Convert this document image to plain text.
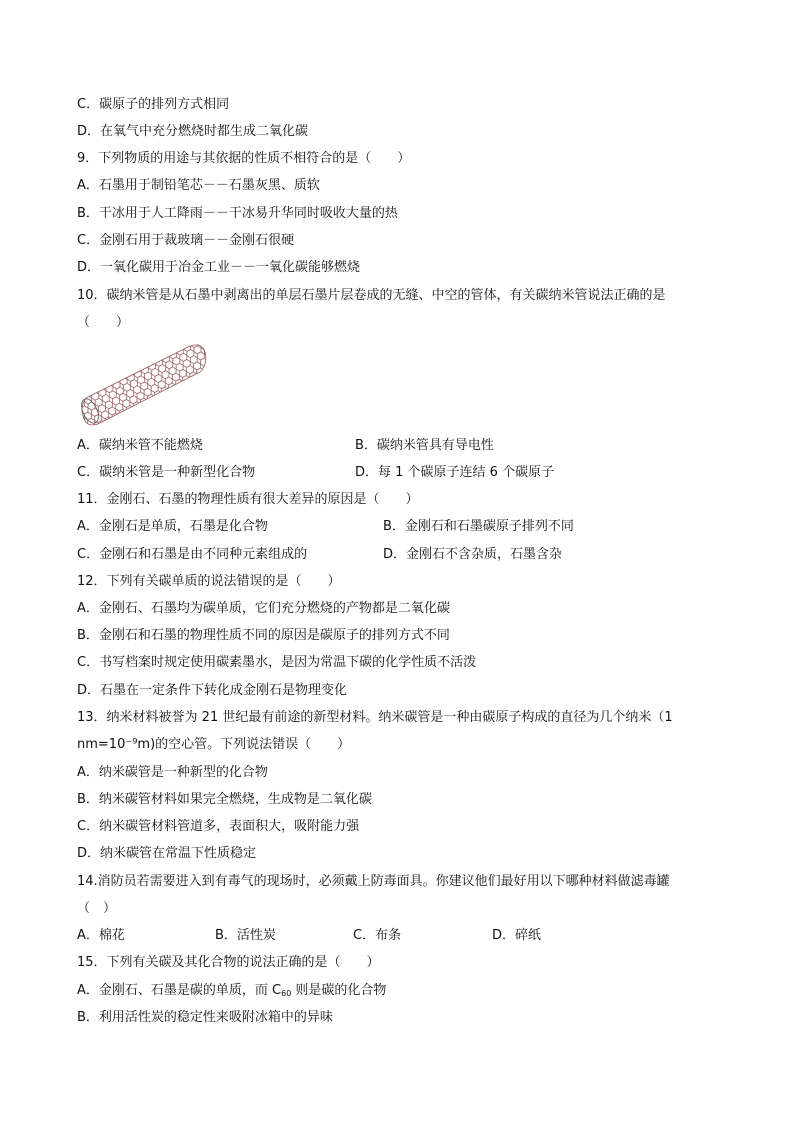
C．碳原子的排列方式相同
D．在氧气中充分燃烧时都生成二氧化碳
9．下列物质的用途与其依据的性质不相符合的是（　　）
A．石墨用于制铅笔芯－－石墨灰黑、质软
B．干冰用于人工降雨－－干冰易升华同时吸收大量的热
C．金刚石用于裁玻璃－－金刚石很硬
D．一氧化碳用于冶金工业－－一氧化碳能够燃烧
10．碳纳米管是从石墨中剥离出的单层石墨片层卷成的无缝、中空的管体，有关碳纳米管说法正确的是
（　　）
A．碳纳米管不能燃烧	B．碳纳米管具有导电性
C．碳纳米管是一种新型化合物	D．每 1 个碳原子连结 6 个碳原子
11．金刚石、石墨的物理性质有很大差异的原因是（　　）
A．金刚石是单质，石墨是化合物	B．金刚石和石墨碳原子排列不同
C．金刚石和石墨是由不同种元素组成的	D．金刚石不含杂质，石墨含杂
12．下列有关碳单质的说法错误的是（　　）
A．金刚石、石墨均为碳单质，它们充分燃烧的产物都是二氧化碳
B．金刚石和石墨的物理性质不同的原因是碳原子的排列方式不同
C．书写档案时规定使用碳素墨水，是因为常温下碳的化学性质不活泼
D．石墨在一定条件下转化成金刚石是物理变化
13．纳米材料被誉为 21 世纪最有前途的新型材料。纳米碳管是一种由碳原子构成的直径为几个纳米（1
nm=10⁻⁹m)的空心管。下列说法错误（　　）
A．纳米碳管是一种新型的化合物
B．纳米碳管材料如果完全燃烧，生成物是二氧化碳
C．纳米碳管材料管道多，表面积大，吸附能力强
D．纳米碳管在常温下性质稳定
14.消防员若需要进入到有毒气的现场时，必须戴上防毒面具。你建议他们最好用以下哪种材料做滤毒罐
（　）
A．棉花	B．活性炭	C．布条	D．碎纸
15．下列有关碳及其化合物的说法正确的是（　　）
A．金刚石、石墨是碳的单质，而 $C_{60}$ 则是碳的化合物
B．利用活性炭的稳定性来吸附冰箱中的异味
